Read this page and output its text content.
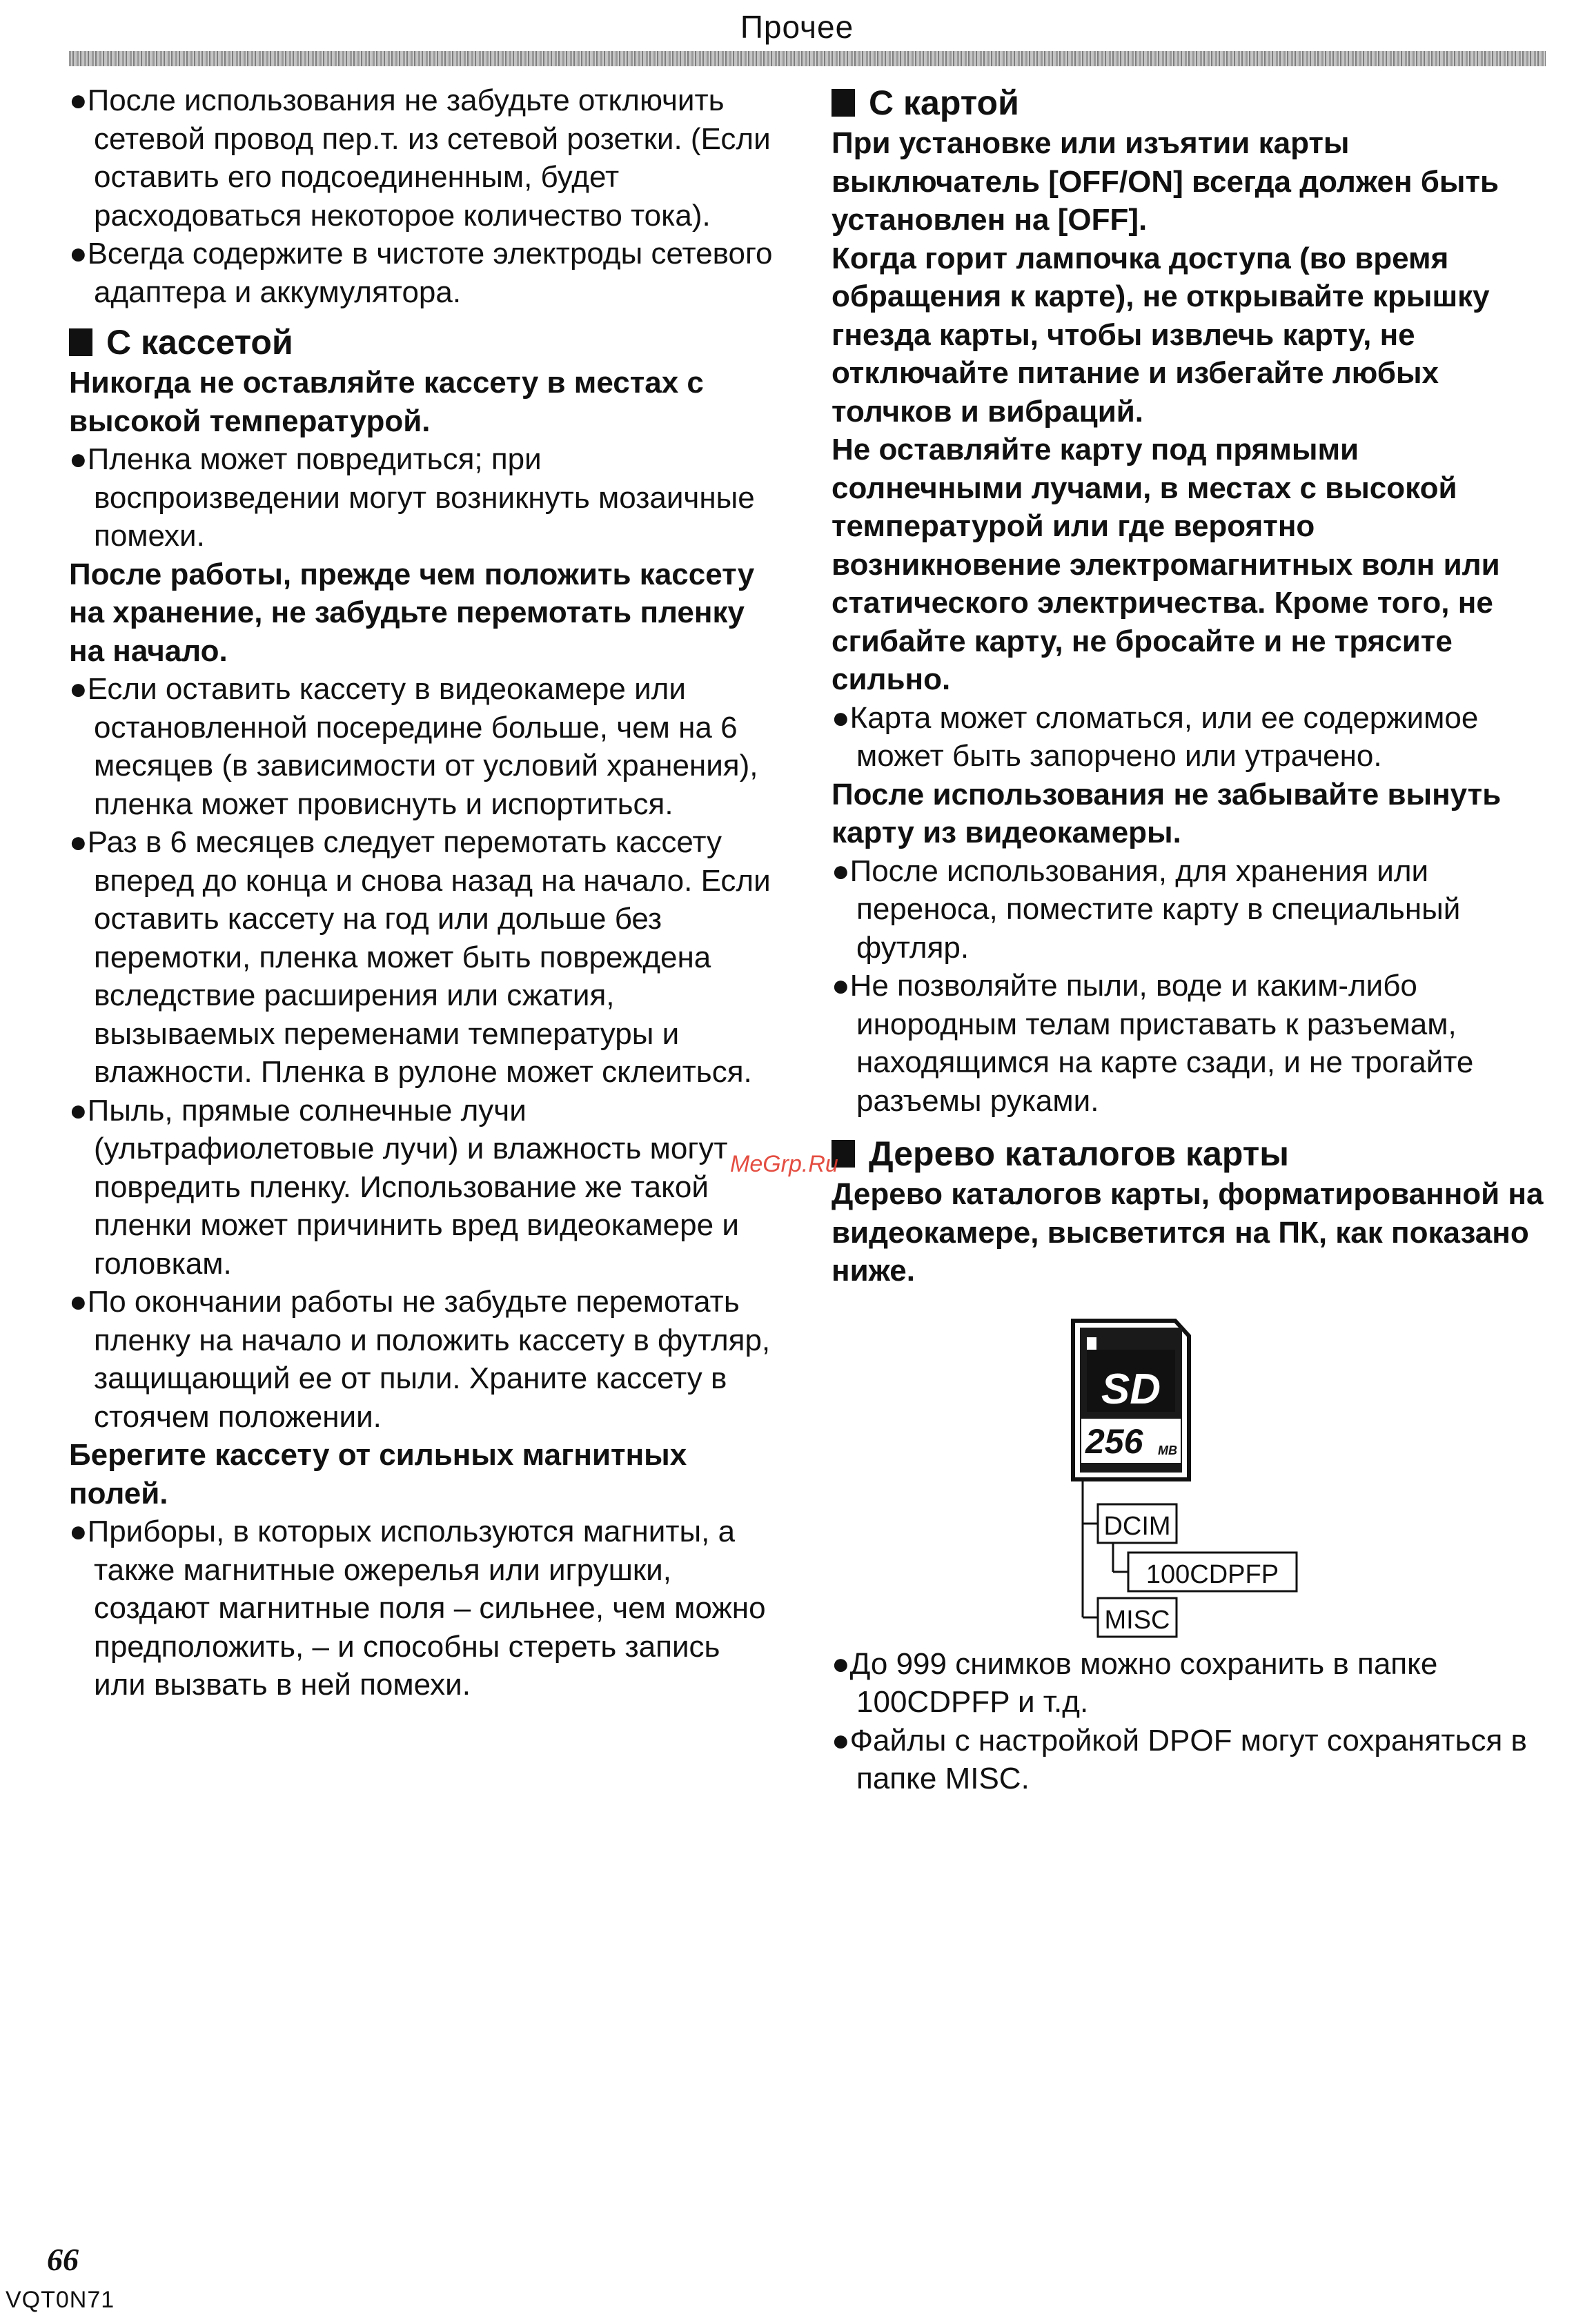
Прочее

●После использования не забудьте отключить сетевой провод пер.т. из сетевой розетки. (Если оставить его подсоединенным, будет расходоваться некоторое количество тока).

●Всегда содержите в чистоте электроды сетевого адаптера и аккумулятора.

С кассетой

Никогда не оставляйте кассету в местах с высокой температурой.

●Пленка может повредиться; при воспроизведении могут возникнуть мозаичные помехи.

После работы, прежде чем положить кассету на хранение, не забудьте перемотать пленку на начало.

●Если оставить кассету в видеокамере или остановленной посередине больше, чем на 6 месяцев (в зависимости от условий хранения), пленка может провиснуть и испортиться.

●Раз в 6 месяцев следует перемотать кассету вперед до конца и снова назад на начало. Если оставить кассету на год или дольше без перемотки, пленка может быть повреждена вследствие расширения или сжатия, вызываемых переменами температуры и влажности. Пленка в рулоне может склеиться.

●Пыль, прямые солнечные лучи (ультрафиолетовые лучи) и влажность могут повредить пленку. Использование же такой пленки может причинить вред видеокамере и головкам.

●По окончании работы не забудьте перемотать пленку на начало и положить кассету в футляр, защищающий ее от пыли. Храните кассету в стоячем положении.

Берегите кассету от сильных магнитных полей.

●Приборы, в которых используются магниты, а также магнитные ожерелья или игрушки, создают магнитные поля – сильнее, чем можно предположить, – и способны стереть запись или вызвать в ней помехи.

С картой

При установке или изъятии карты выключатель [OFF/ON] всегда должен быть установлен на [OFF].

Когда горит лампочка доступа (во время обращения к карте), не открывайте крышку гнезда карты, чтобы извлечь карту, не отключайте питание и избегайте любых толчков и вибраций.

Не оставляйте карту под прямыми солнечными лучами, в местах с высокой температурой или где вероятно возникновение электромагнитных волн или статического электричества. Кроме того, не сгибайте карту, не бросайте и не трясите сильно.

●Карта может сломаться, или ее содержимое может быть запорчено или утрачено.

После использования не забывайте вынуть карту из видеокамеры.

●После использования, для хранения или переноса, поместите карту в специальный футляр.

●Не позволяйте пыли, воде и каким-либо инородным телам приставать к разъемам, находящимся на карте сзади, и не трогайте разъемы руками.

Дерево каталогов карты

Дерево каталогов карты, форматированной на видеокамере, высветится на ПК, как показано ниже.

SD
256 MB
DCIM
100CDPFP
MISC

●До 999 снимков можно сохранить в папке 100CDPFP и т.д.

●Файлы с настройкой DPOF могут сохраняться в папке MISC.

MeGrp.Ru
66
VQT0N71
